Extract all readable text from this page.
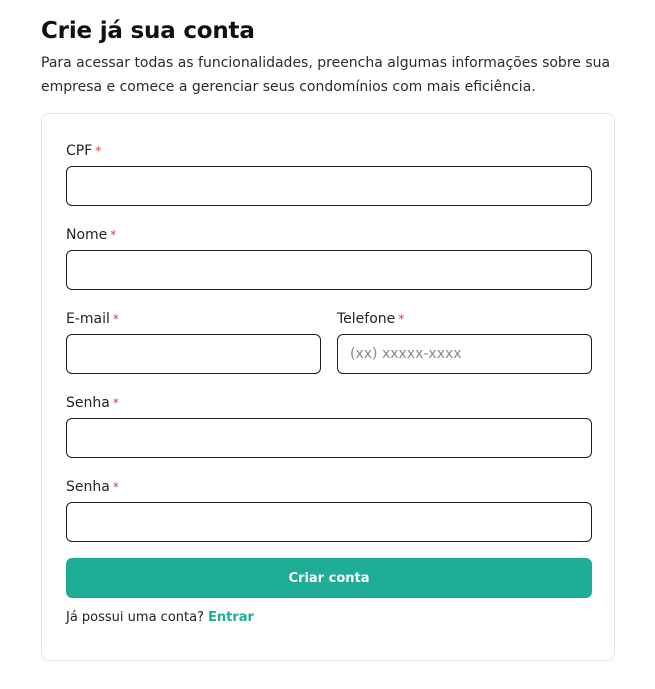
Crie já sua conta

Para acessar todas as funcionalidades, preencha algumas informações sobre sua empresa e comece a gerenciar seus condomínios com mais eficiência.

CPF *
Nome *
E-mail *	Telefone *
(xx) xxxxx-xxxx
Senha *
Senha *
Criar conta
Já possui uma conta? Entrar
